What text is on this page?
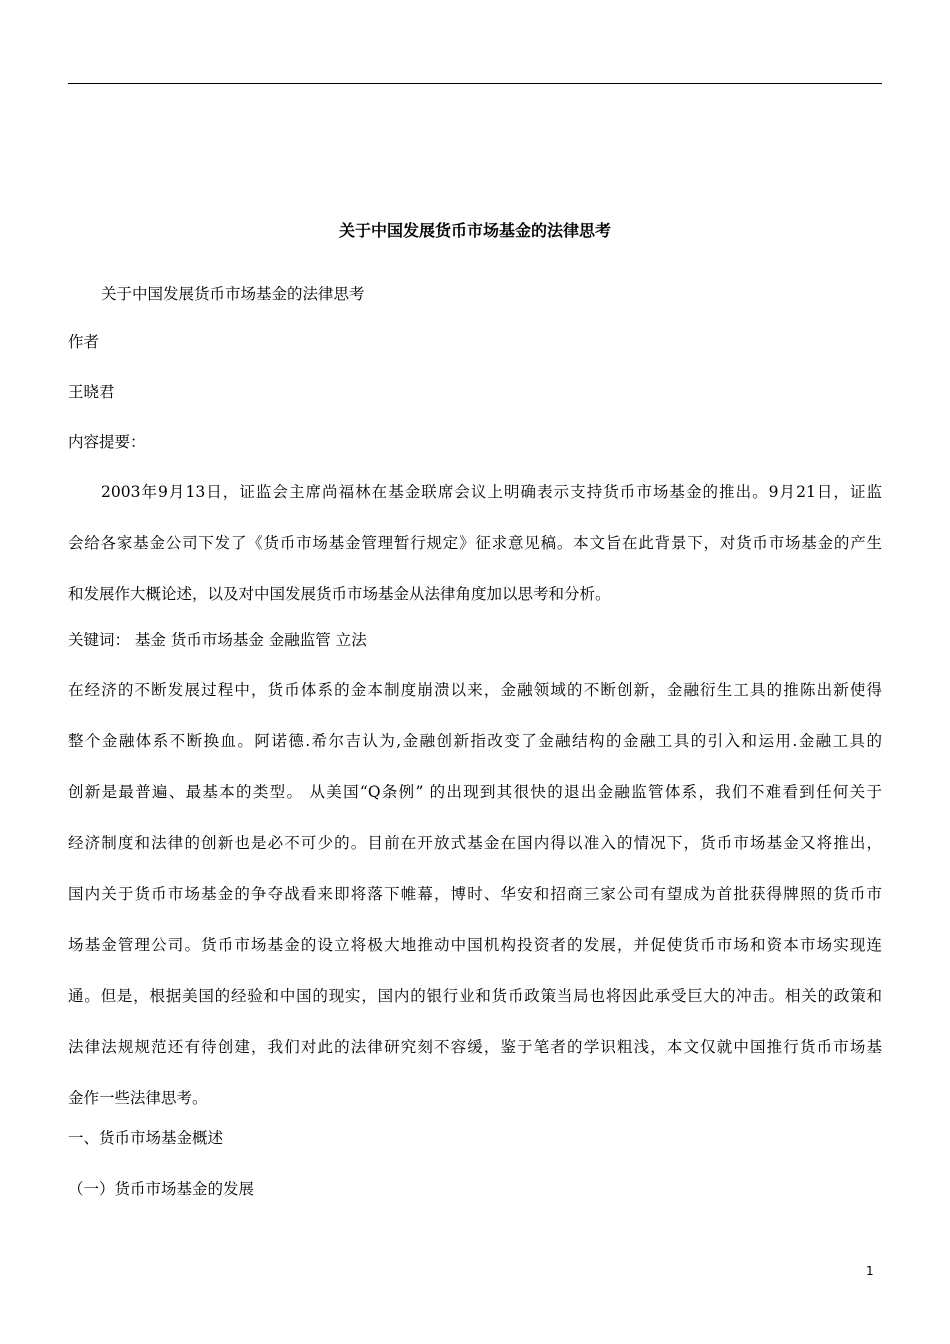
关于中国发展货币市场基金的法律思考
关于中国发展货币市场基金的法律思考
作者
王晓君
内容提要：
2003年9月13日，证监会主席尚福林在基金联席会议上明确表示支持货币市场基金的推出。9月21日，证监
会给各家基金公司下发了《货币市场基金管理暂行规定》征求意见稿。本文旨在此背景下，对货币市场基金的产生
和发展作大概论述，以及对中国发展货币市场基金从法律角度加以思考和分析。
关键词： 基金 货币市场基金 金融监管 立法
在经济的不断发展过程中，货币体系的金本制度崩溃以来，金融领域的不断创新，金融衍生工具的推陈出新使得
整个金融体系不断换血。阿诺德.希尔吉认为,金融创新指改变了金融结构的金融工具的引入和运用.金融工具的
创新是最普遍、最基本的类型。 从美国“Q条例” 的出现到其很快的退出金融监管体系，我们不难看到任何关于
经济制度和法律的创新也是必不可少的。目前在开放式基金在国内得以准入的情况下，货币市场基金又将推出，
国内关于货币市场基金的争夺战看来即将落下帷幕，博时、华安和招商三家公司有望成为首批获得牌照的货币市
场基金管理公司。货币市场基金的设立将极大地推动中国机构投资者的发展，并促使货币市场和资本市场实现连
通。但是，根据美国的经验和中国的现实，国内的银行业和货币政策当局也将因此承受巨大的冲击。相关的政策和
法律法规规范还有待创建，我们对此的法律研究刻不容缓，鉴于笔者的学识粗浅，本文仅就中国推行货币市场基
金作一些法律思考。
一、货币市场基金概述
（一）货币市场基金的发展
1
